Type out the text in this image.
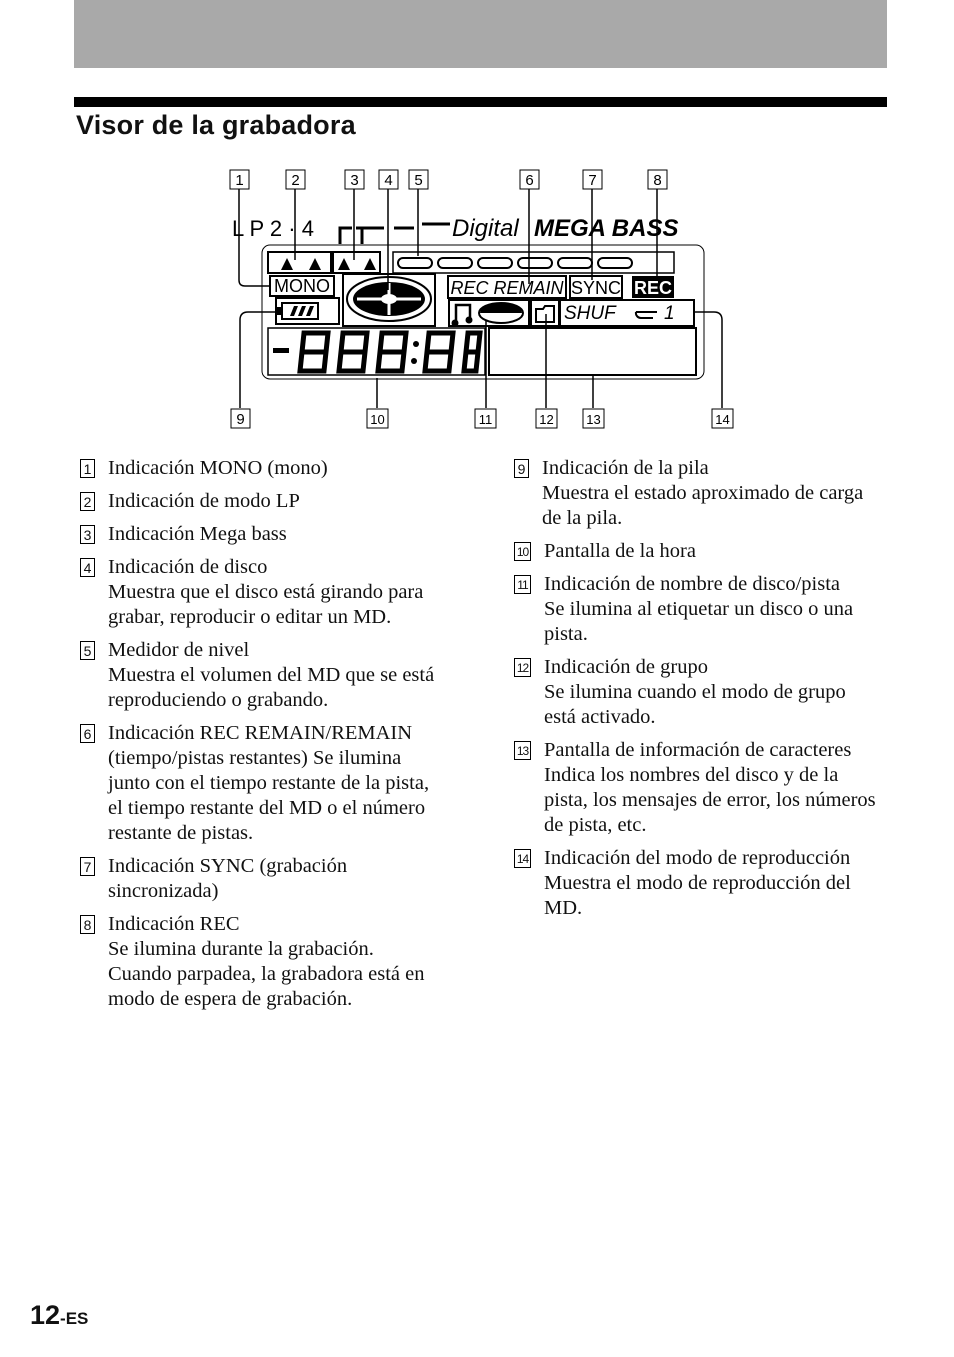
Visor de la grabadora
1	2	3 4 5	6	7	8
L P 2 · 4	Digital MEGA BASS
MONO	REC REMAIN SYNC REC
SHUF	1
9	10	11	12	13	14
1 Indicación MONO (mono)
2 Indicación de modo LP
3 Indicación Mega bass
4 Indicación de disco
Muestra que el disco está girando para
grabar, reproducir o editar un MD.
5 Medidor de nivel
Muestra el volumen del MD que se está
reproduciendo o grabando.
6 Indicación REC REMAIN/REMAIN
(tiempo/pistas restantes) Se ilumina
junto con el tiempo restante de la pista,
el tiempo restante del MD o el número
restante de pistas.
7 Indicación SYNC (grabación
sincronizada)
8 Indicación REC
Se ilumina durante la grabación.
Cuando parpadea, la grabadora está en
modo de espera de grabación.
9 Indicación de la pila
Muestra el estado aproximado de carga
de la pila.
10 Pantalla de la hora
11 Indicación de nombre de disco/pista
Se ilumina al etiquetar un disco o una
pista.
12 Indicación de grupo
Se ilumina cuando el modo de grupo
está activado.
13 Pantalla de información de caracteres
Indica los nombres del disco y de la
pista, los mensajes de error, los números
de pista, etc.
14 Indicación del modo de reproducción
Muestra el modo de reproducción del
MD.
12-ES
